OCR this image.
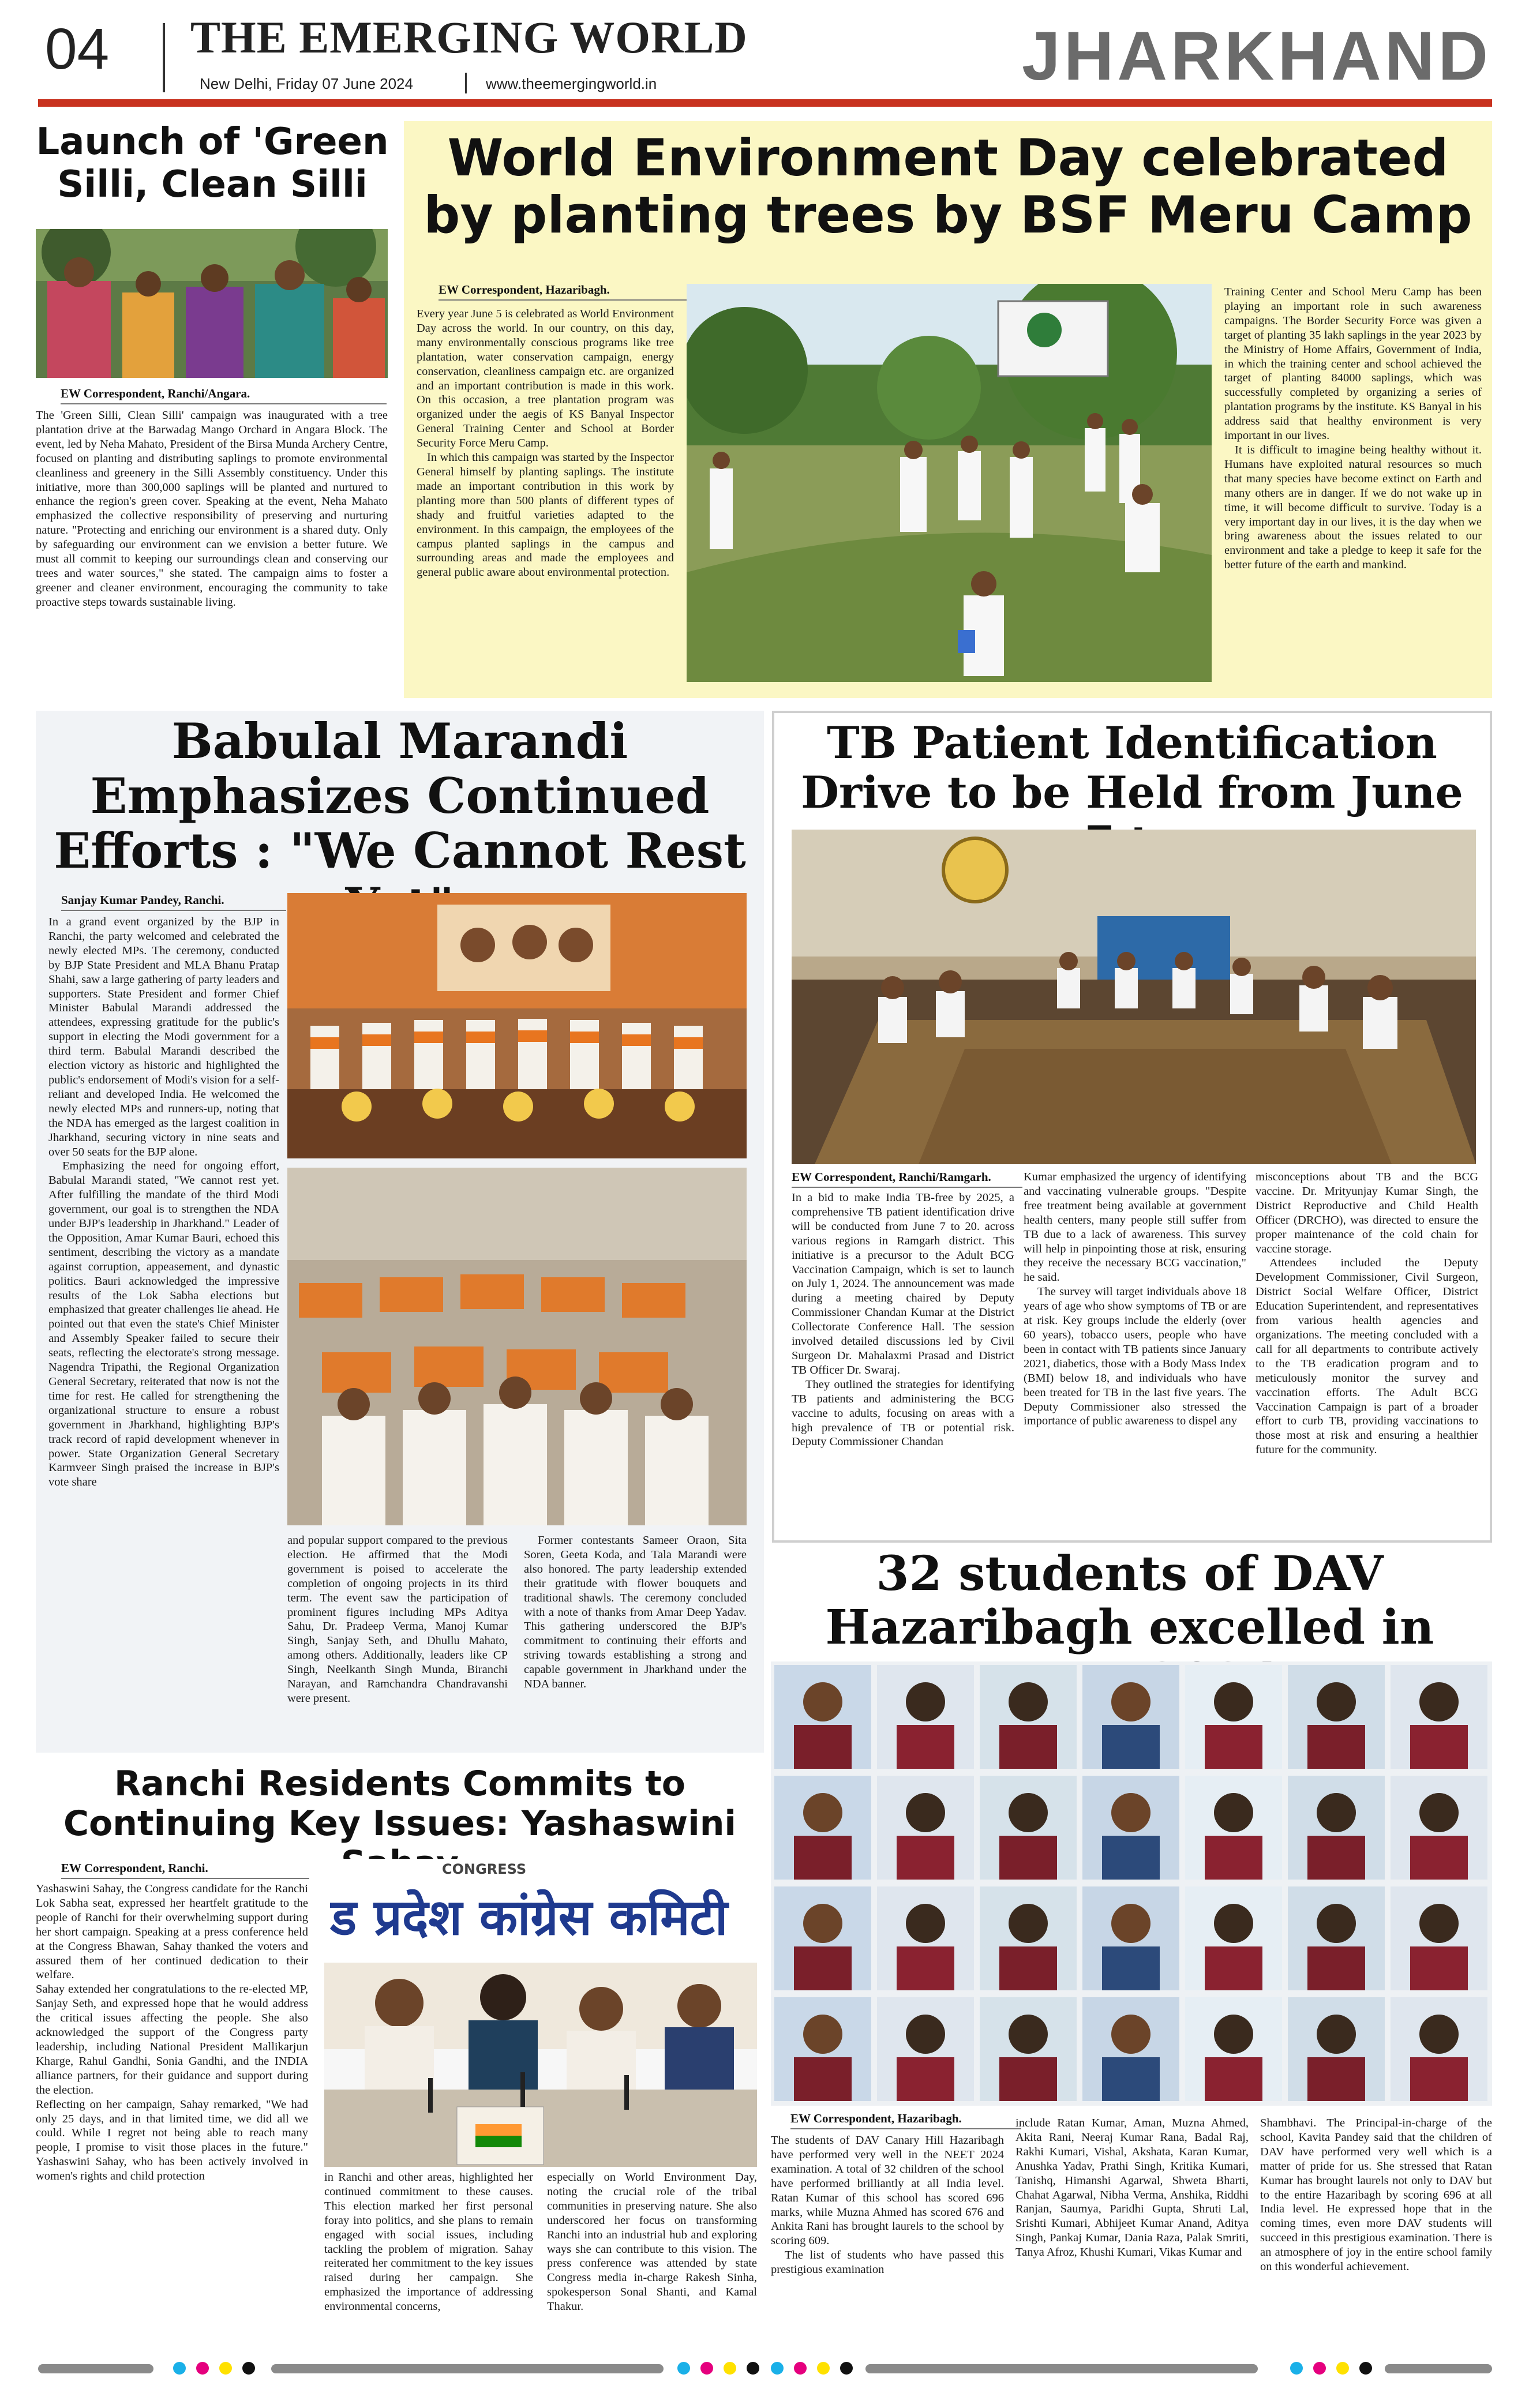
04 THE EMERGING WORLD
New Delhi, Friday 07 June 2024	www.theemergingworld.in	JHARKHAND
Launch of 'Green Silli, Clean Silli
EW Correspondent, Ranchi/Angara.

The 'Green Silli, Clean Silli' campaign was inaugurated with a tree plantation drive at the Barwadag Mango Orchard in Angara Block. The event, led by Neha Mahato, President of the Birsa Munda Archery Centre, focused on planting and distributing saplings to promote environmental cleanliness and greenery in the Silli Assembly constituency. Under this initiative, more than 300,000 saplings will be planted and nurtured to enhance the region's green cover. Speaking at the event, Neha Mahato emphasized the collective responsibility of preserving and nurturing nature. "Protecting and enriching our environment is a shared duty. Only by safeguarding our environment can we envision a better future. We must all commit to keeping our surroundings clean and conserving our trees and water sources," she stated. The campaign aims to foster a greener and cleaner environment, encouraging the community to take proactive steps towards sustainable living.

World Environment Day celebrated by planting trees by BSF Meru Camp
EW Correspondent, Hazaribagh.

Every year June 5 is celebrated as World Environment Day across the world. In our country, on this day, many environmentally conscious programs like tree plantation, water conservation campaign, energy conservation, cleanliness campaign etc. are organized and an important contribution is made in this work. On this occasion, a tree plantation program was organized under the aegis of KS Banyal Inspector General Training Center and School at Border Security Force Meru Camp.

In which this campaign was started by the Inspector General himself by planting saplings. The institute made an important contribution in this work by planting more than 500 plants of different types of shady and fruitful varieties adapted to the environment. In this campaign, the employees of the campus planted saplings in the campus and surrounding areas and made the employees and general public aware about environmental protection.

Training Center and School Meru Camp has been playing an important role in such awareness campaigns. The Border Security Force was given a target of planting 35 lakh saplings in the year 2023 by the Ministry of Home Affairs, Government of India, in which the training center and school achieved the target of planting 84000 saplings, which was successfully completed by organizing a series of plantation programs by the institute. KS Banyal in his address said that healthy environment is very important in our lives.

It is difficult to imagine being healthy without it. Humans have exploited natural resources so much that many species have become extinct on Earth and many others are in danger. If we do not wake up in time, it will become difficult to survive. Today is a very important day in our lives, it is the day when we bring awareness about the issues related to our environment and take a pledge to keep it safe for the better future of the earth and mankind.

Babulal Marandi Emphasizes Continued Efforts : "We Cannot Rest
Sanjay Kumar Pandey, Ranchi.

In a grand event organized by the BJP in Ranchi, the party welcomed and celebrated the newly elected MPs. The ceremony, conducted by BJP State President and MLA Bhanu Pratap Shahi, saw a large gathering of party leaders and supporters. State President and former Chief Minister Babulal Marandi addressed the attendees, expressing gratitude for the public's support in electing the Modi government for a third term. Babulal Marandi described the election victory as historic and highlighted the public's endorsement of Modi's vision for a self-reliant and developed India. He welcomed the newly elected MPs and runners-up, noting that the NDA has emerged as the largest coalition in Jharkhand, securing victory in nine seats and over 50 seats for the BJP alone.

Emphasizing the need for ongoing effort, Babulal Marandi stated, "We cannot rest yet. After fulfilling the mandate of the third Modi government, our goal is to strengthen the NDA under BJP's leadership in Jharkhand." Leader of the Opposition, Amar Kumar Bauri, echoed this sentiment, describing the victory as a mandate against corruption, appeasement, and dynastic politics. Bauri acknowledged the impressive results of the Lok Sabha elections but emphasized that greater challenges lie ahead. He pointed out that even the state's Chief Minister and Assembly Speaker failed to secure their seats, reflecting the electorate's strong message. Nagendra Tripathi, the Regional Organization General Secretary, reiterated that now is not the time for rest. He called for strengthening the organizational structure to ensure a robust government in Jharkhand, highlighting BJP's track record of rapid development whenever in power. State Organization General Secretary Karmveer Singh praised the increase in BJP's vote share

and popular support compared to the previous election. He affirmed that the Modi government is poised to accelerate the completion of ongoing projects in its third term. The event saw the participation of prominent figures including MPs Aditya Sahu, Dr. Pradeep Verma, Manoj Kumar Singh, Sanjay Seth, and Dhullu Mahato, among others. Additionally, leaders like CP Singh, Neelkanth Singh Munda, Biranchi Narayan, and Ramchandra Chandravanshi were present.

Former contestants Sameer Oraon, Sita Soren, Geeta Koda, and Tala Marandi were also honored. The party leadership extended their gratitude with flower bouquets and traditional shawls. The ceremony concluded with a note of thanks from Amar Deep Yadav. This gathering underscored the BJP's commitment to continuing their efforts and striving towards establishing a strong and capable government in Jharkhand under the NDA banner.

TB Patient Identification Drive to be Held from June
EW Correspondent, Ranchi/Ramgarh.

In a bid to make India TB-free by 2025, a comprehensive TB patient identification drive will be conducted from June 7 to 20. across various regions in Ramgarh district. This initiative is a precursor to the Adult BCG Vaccination Campaign, which is set to launch on July 1, 2024. The announcement was made during a meeting chaired by Deputy Commissioner Chandan Kumar at the District Collectorate Conference Hall. The session involved detailed discussions led by Civil Surgeon Dr. Mahalaxmi Prasad and District TB Officer Dr. Swaraj.

They outlined the strategies for identifying TB patients and administering the BCG vaccine to adults, focusing on areas with a high prevalence of TB or potential risk. Deputy Commissioner Chandan

Kumar emphasized the urgency of identifying and vaccinating vulnerable groups. "Despite free treatment being available at government health centers, many people still suffer from TB due to a lack of awareness. This survey will help in pinpointing those at risk, ensuring they receive the necessary BCG vaccination," he said.

The survey will target individuals above 18 years of age who show symptoms of TB or are at risk. Key groups include the elderly (over 60 years), tobacco users, people who have been in contact with TB patients since January 2021, diabetics, those with a Body Mass Index (BMI) below 18, and individuals who have been treated for TB in the last five years. The Deputy Commissioner also stressed the importance of public awareness to dispel any

misconceptions about TB and the BCG vaccine. Dr. Mrityunjay Kumar Singh, the District Reproductive and Child Health Officer (DRCHO), was directed to ensure the proper maintenance of the cold chain for vaccine storage.

Attendees included the Deputy Development Commissioner, Civil Surgeon, District Social Welfare Officer, District Education Superintendent, and representatives from various health agencies and organizations. The meeting concluded with a call for all departments to contribute actively to the TB eradication program and to meticulously monitor the survey and vaccination efforts. The Adult BCG Vaccination Campaign is part of a broader effort to curb TB, providing vaccinations to those most at risk and ensuring a healthier future for the community.

32 students of DAV Hazaribagh excelled in
EW Correspondent, Hazaribagh.

The students of DAV Canary Hill Hazaribagh have performed very well in the NEET 2024 examination. A total of 32 children of the school have performed brilliantly at all India level. Ratan Kumar of this school has scored 696 marks, while Muzna Ahmed has scored 676 and Ankita Rani has brought laurels to the school by scoring 609.

The list of students who have passed this prestigious examination

include Ratan Kumar, Aman, Muzna Ahmed, Akita Rani, Neeraj Kumar Rana, Badal Raj, Rakhi Kumari, Vishal, Akshata, Karan Kumar, Anushka Yadav, Prathi Singh, Kritika Kumari, Tanishq, Himanshi Agarwal, Shweta Bharti, Chahat Agarwal, Nibha Verma, Anshika, Riddhi Ranjan, Saumya, Paridhi Gupta, Shruti Lal, Srishti Kumari, Abhijeet Kumar Anand, Aditya Singh, Pankaj Kumar, Dania Raza, Palak Smriti, Tanya Afroz, Khushi Kumari, Vikas Kumar and

Shambhavi. The Principal-in-charge of the school, Kavita Pandey said that the children of DAV have performed very well which is a matter of pride for us. She stressed that Ratan Kumar has brought laurels not only to DAV but to the entire Hazaribagh by scoring 696 at all India level. He expressed hope that in the coming times, even more DAV students will succeed in this prestigious examination. There is an atmosphere of joy in the entire school family on this wonderful achievement.

Ranchi Residents Commits to Continuing Key Issues: Yashaswini
EW Correspondent, Ranchi.

Yashaswini Sahay, the Congress candidate for the Ranchi Lok Sabha seat, expressed her heartfelt gratitude to the people of Ranchi for their overwhelming support during her short campaign. Speaking at a press conference held at the Congress Bhawan, Sahay thanked the voters and assured them of her continued dedication to their welfare.

Sahay extended her congratulations to the re-elected MP, Sanjay Seth, and expressed hope that he would address the critical issues affecting the people. She also acknowledged the support of the Congress party leadership, including National President Mallikarjun Kharge, Rahul Gandhi, Sonia Gandhi, and the INDIA alliance partners, for their guidance and support during the election.

Reflecting on her campaign, Sahay remarked, "We had only 25 days, and in that limited time, we did all we could. While I regret not being able to reach many people, I promise to visit those places in the future." Yashaswini Sahay, who has been actively involved in women's rights and child protection

CONGRESS
ड प्रदेश कांग्रेस कमिटी

in Ranchi and other areas, highlighted her continued commitment to these causes. This election marked her first personal foray into politics, and she plans to remain engaged with social issues, including tackling the problem of migration. Sahay reiterated her commitment to the key issues raised during her campaign. She emphasized the importance of addressing environmental concerns,

especially on World Environment Day, noting the crucial role of the tribal communities in preserving nature. She also underscored her focus on transforming Ranchi into an industrial hub and exploring ways she can contribute to this vision. The press conference was attended by state Congress media in-charge Rakesh Sinha, spokesperson Sonal Shanti, and Kamal Thakur.
